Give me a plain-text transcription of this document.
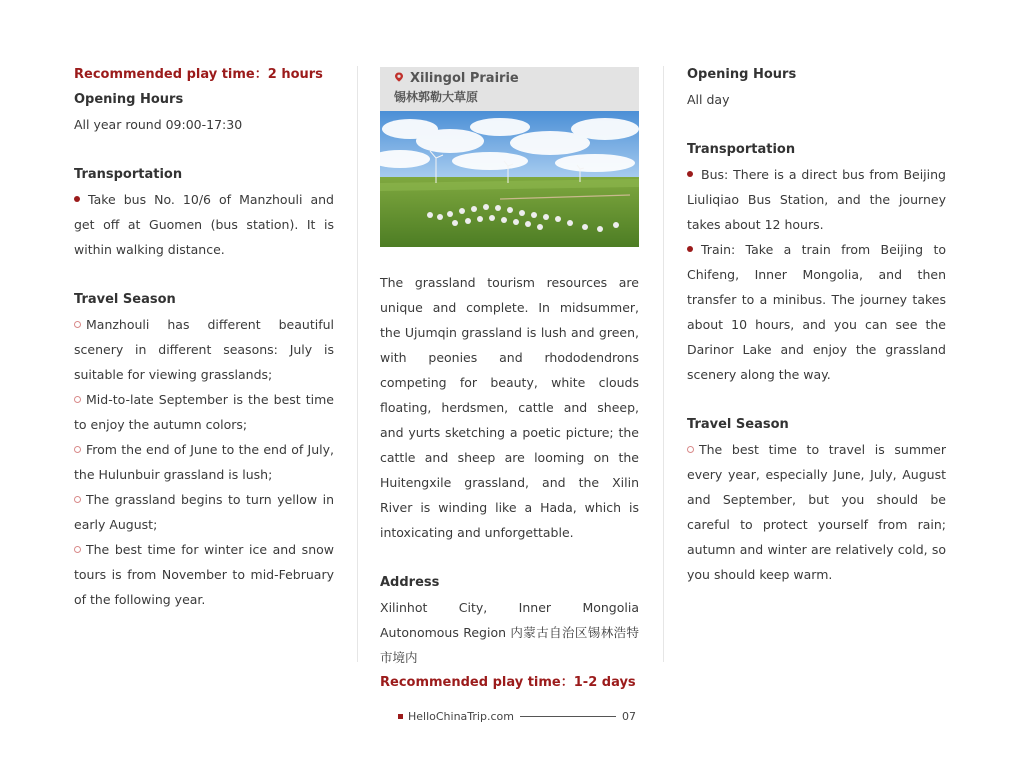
Recommended play time：2 hours
Opening Hours
All year round 09:00-17:30
Transportation

Take bus No. 10/6 of Manzhouli and get off at Guomen (bus station). It is within walking distance.

Travel Season

Manzhouli has different beautiful scenery in different seasons: July is suitable for viewing grasslands;

Mid-to-late September is the best time to enjoy the autumn colors;

From the end of June to the end of July, the Hulunbuir grassland is lush;

The grassland begins to turn yellow in early August;

The best time for winter ice and snow tours is from November to mid-February of the following year.

Xilingol Prairie
锡林郭勒大草原

The grassland tourism resources are unique and complete. In midsummer, the Ujumqin grassland is lush and green, with peonies and rhododendrons competing for beauty, white clouds floating, herdsmen, cattle and sheep, and yurts sketching a poetic picture; the cattle and sheep are looming on the Huitengxile grassland, and the Xilin River is winding like a Hada, which is intoxicating and unforgettable.

Address

Xilinhot City, Inner Mongolia Autonomous Region 内蒙古自治区锡林浩特市境内

Recommended play time：1-2 days
Opening Hours
All day
Transportation

Bus: There is a direct bus from Beijing Liuliqiao Bus Station, and the journey takes about 12 hours.

Train: Take a train from Beijing to Chifeng, Inner Mongolia, and then transfer to a minibus. The journey takes about 10 hours, and you can see the Darinor Lake and enjoy the grassland scenery along the way.

Travel Season

The best time to travel is summer every year, especially June, July, August and September, but you should be careful to protect yourself from rain; autumn and winter are relatively cold, so you should keep warm.

HelloChinaTrip.com	07
